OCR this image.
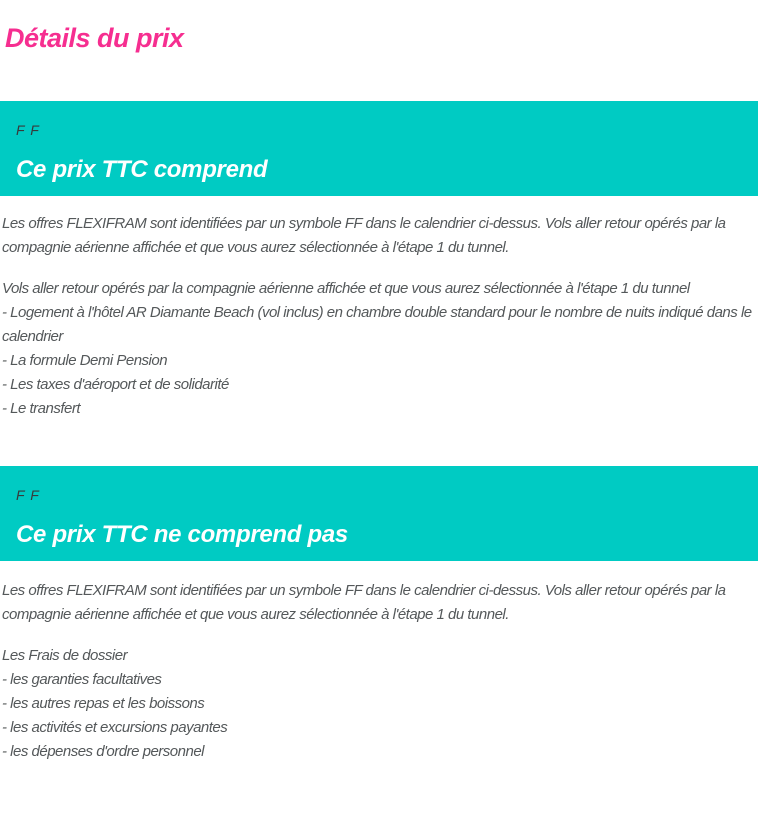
Détails du prix
F F
Ce prix TTC comprend

Les offres FLEXIFRAM sont identifiées par un symbole FF dans le calendrier ci-dessus. Vols aller retour opérés par la compagnie aérienne affichée et que vous aurez sélectionnée à l'étape 1 du tunnel.

Vols aller retour opérés par la compagnie aérienne affichée et que vous aurez sélectionnée à l'étape 1 du tunnel
- Logement à l'hôtel AR Diamante Beach (vol inclus) en chambre double standard pour le nombre de nuits indiqué dans le calendrier
- La formule Demi Pension
- Les taxes d'aéroport et de solidarité
- Le transfert
F F
Ce prix TTC ne comprend pas

Les offres FLEXIFRAM sont identifiées par un symbole FF dans le calendrier ci-dessus. Vols aller retour opérés par la compagnie aérienne affichée et que vous aurez sélectionnée à l'étape 1 du tunnel.

Les Frais de dossier
- les garanties facultatives
- les autres repas et les boissons
- les activités et excursions payantes
- les dépenses d'ordre personnel
